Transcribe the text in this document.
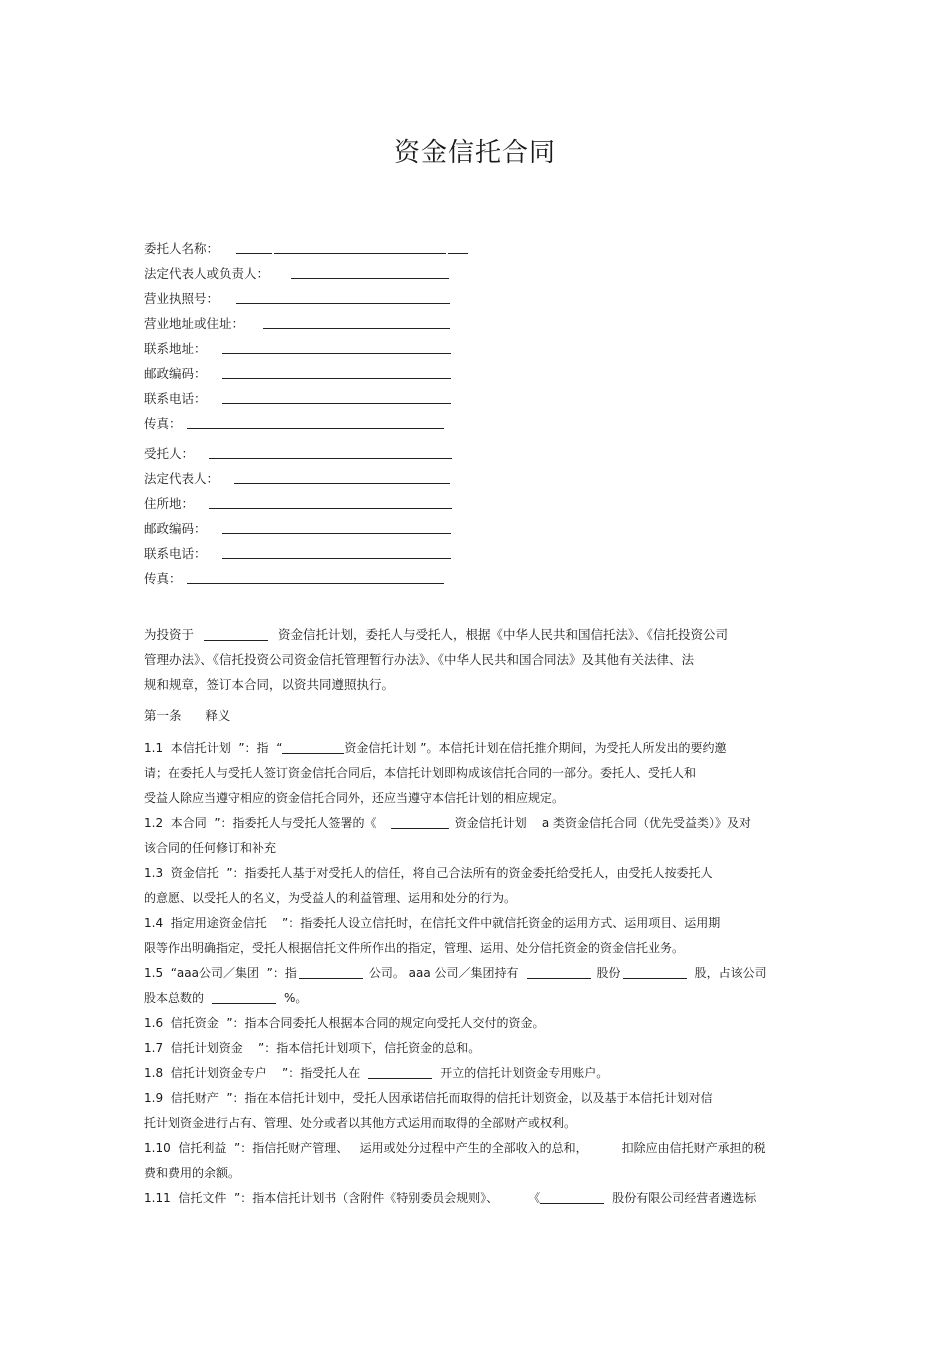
资金信托合同
委托人名称：
法定代表人或负责人：
营业执照号：
营业地址或住址：
联系地址：
邮政编码：
联系电话：
传真：
受托人：
法定代表人：
住所地：
邮政编码：
联系电话：
传真：
为投资于	资金信托计划，委托人与受托人，根据《中华人民共和国信托法》、《信托投资公司
管理办法》、《信托投资公司资金信托管理暂行办法》、《中华人民共和国合同法》及其他有关法律、法
规和规章，签订本合同，以资共同遵照执行。
第一条      释义
1.1  本信托计划  ”：指  “	资金信托计划 ”。本信托计划在信托推介期间，为受托人所发出的要约邀
请；在委托人与受托人签订资金信托合同后，本信托计划即构成该信托合同的一部分。委托人、受托人和
受益人除应当遵守相应的资金信托合同外，还应当遵守本信托计划的相应规定。
1.2  本合同  ”：指委托人与受托人签署的《	资金信托计划    a 类资金信托合同（优先受益类）》及对
该合同的任何修订和补充
1.3  资金信托  ”：指委托人基于对受托人的信任，将自己合法所有的资金委托给受托人，由受托人按委托人
的意愿、以受托人的名义，为受益人的利益管理、运用和处分的行为。
1.4  指定用途资金信托    ”：指委托人设立信托时，在信托文件中就信托资金的运用方式、运用项目、运用期
限等作出明确指定，受托人根据信托文件所作出的指定，管理、运用、处分信托资金的资金信托业务。
1.5  “aaa公司／集团  ”：指	公司。 aaa 公司／集团持有	股份	股，占该公司
股本总数的	%。
1.6  信托资金  ”：指本合同委托人根据本合同的规定向受托人交付的资金。
1.7  信托计划资金    ”：指本信托计划项下，信托资金的总和。
1.8  信托计划资金专户    ”：指受托人在	开立的信托计划资金专用账户。
1.9  信托财产  ”：指在本信托计划中，受托人因承诺信托而取得的信托计划资金，以及基于本信托计划对信
托计划资金进行占有、管理、处分或者以其他方式运用而取得的全部财产或权利。
1.10  信托利益  ”：指信托财产管理、   运用或处分过程中产生的全部收入的总和，	扣除应由信托财产承担的税
费和费用的余额。
1.11  信托文件  ”：指本信托计划书（含附件《特别委员会规则》、	《	股份有限公司经营者遴选标
